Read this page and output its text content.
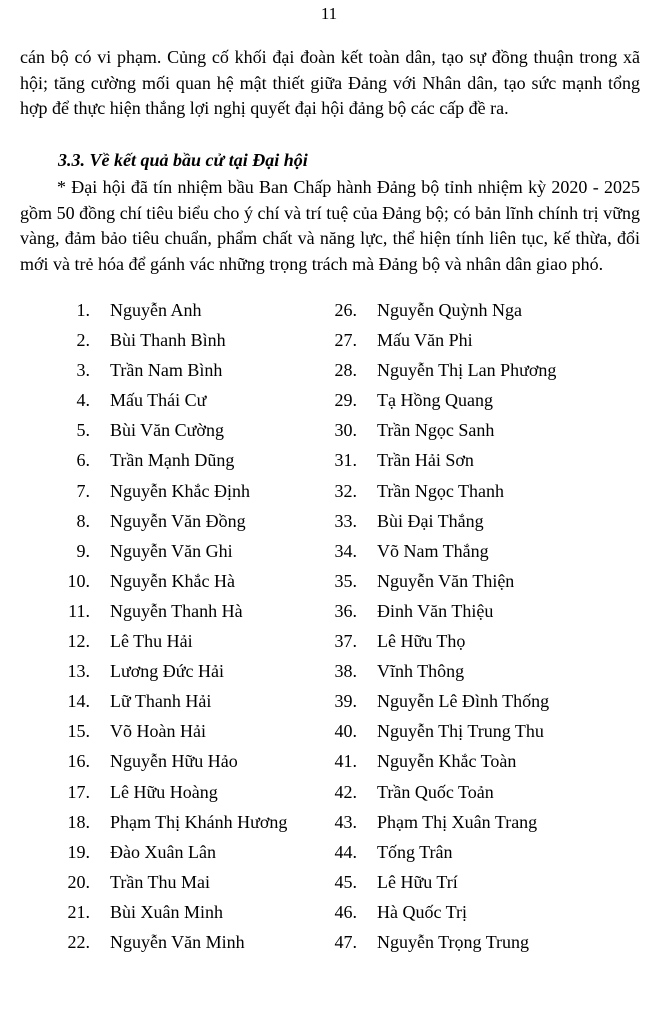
11

cán bộ có vi phạm. Củng cố khối đại đoàn kết toàn dân, tạo sự đồng thuận trong xã hội; tăng cường mối quan hệ mật thiết giữa Đảng với Nhân dân, tạo sức mạnh tổng hợp để thực hiện thắng lợi nghị quyết đại hội đảng bộ các cấp đề ra.

3.3. Về kết quả bầu cử tại Đại hội

* Đại hội đã tín nhiệm bầu Ban Chấp hành Đảng bộ tỉnh nhiệm kỳ 2020 - 2025 gồm 50 đồng chí tiêu biểu cho ý chí và trí tuệ của Đảng bộ; có bản lĩnh chính trị vững vàng, đảm bảo tiêu chuẩn, phẩm chất và năng lực, thể hiện tính liên tục, kế thừa, đổi mới và trẻ hóa để gánh vác những trọng trách mà Đảng bộ và nhân dân giao phó.

1. Nguyễn Anh
2. Bùi Thanh Bình
3. Trần Nam Bình
4. Mấu Thái Cư
5. Bùi Văn Cường
6. Trần Mạnh Dũng
7. Nguyễn Khắc Định
8. Nguyễn Văn Đồng
9. Nguyễn Văn Ghi
10. Nguyễn Khắc Hà
11. Nguyễn Thanh Hà
12. Lê Thu Hải
13. Lương Đức Hải
14. Lữ Thanh Hải
15. Võ Hoàn Hải
16. Nguyễn Hữu Hảo
17. Lê Hữu Hoàng
18. Phạm Thị Khánh Hương
19. Đào Xuân Lân
20. Trần Thu Mai
21. Bùi Xuân Minh
22. Nguyễn Văn Minh
26. Nguyễn Quỳnh Nga
27. Mấu Văn Phi
28. Nguyễn Thị Lan Phương
29. Tạ Hồng Quang
30. Trần Ngọc Sanh
31. Trần Hải Sơn
32. Trần Ngọc Thanh
33. Bùi Đại Thắng
34. Võ Nam Thắng
35. Nguyễn Văn Thiện
36. Đinh Văn Thiệu
37. Lê Hữu Thọ
38. Vĩnh Thông
39. Nguyễn Lê Đình Thống
40. Nguyễn Thị Trung Thu
41. Nguyễn Khắc Toàn
42. Trần Quốc Toản
43. Phạm Thị Xuân Trang
44. Tống Trân
45. Lê Hữu Trí
46. Hà Quốc Trị
47. Nguyễn Trọng Trung
